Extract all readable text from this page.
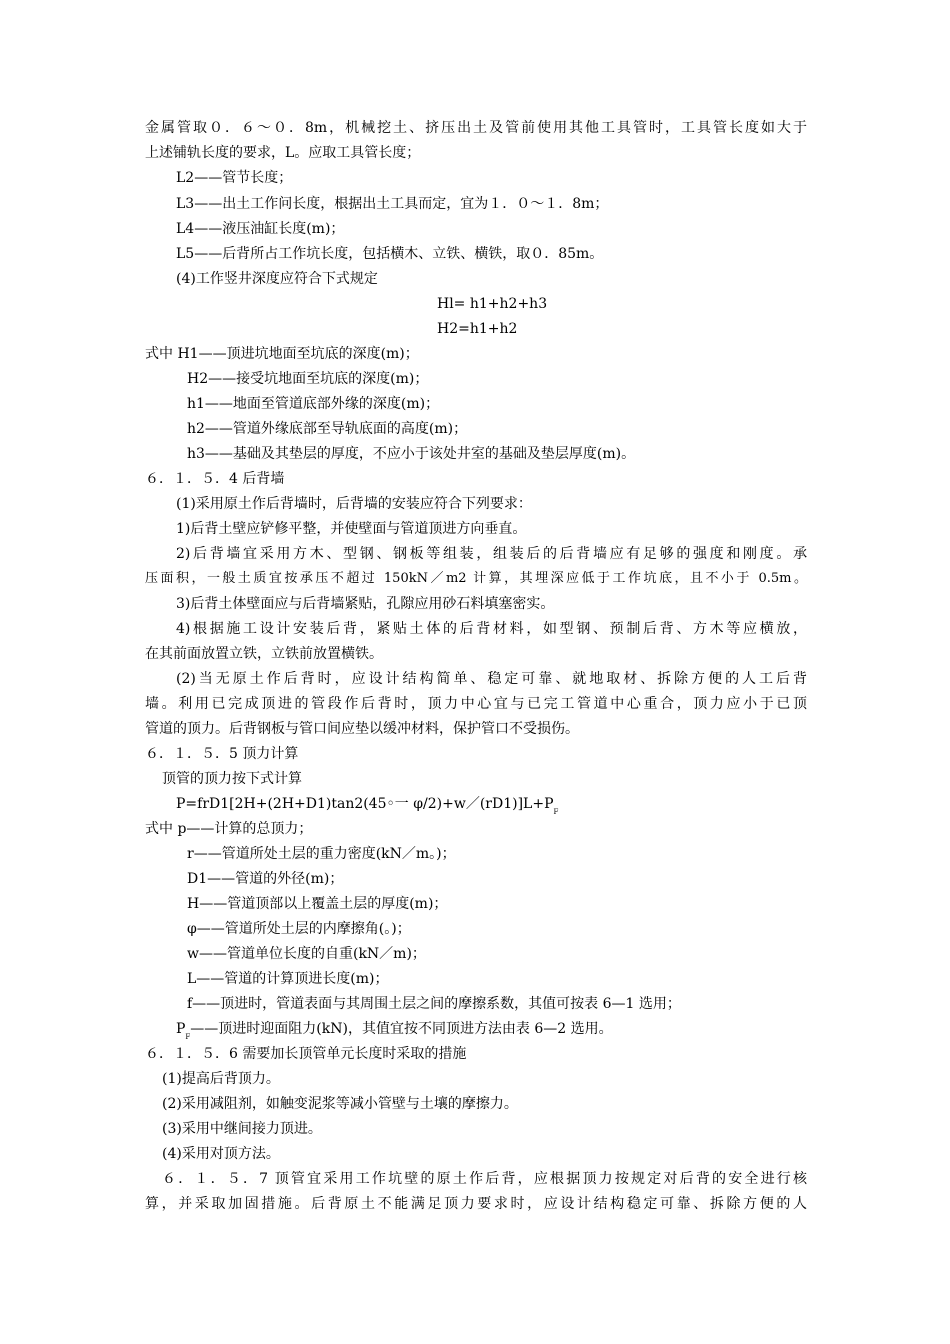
金属管取０．６～０．8m，机械挖土、挤压出土及管前使用其他工具管时，工具管长度如大于
上述铺轨长度的要求，L。应取工具管长度；
L2——管节长度；
L3——出土工作问长度，根据出土工具而定，宜为１．０～１．8m；
L4——液压油缸长度(m)；
L5——后背所占工作坑长度，包括横木、立铁、横铁，取０．85m。
(4)工作竖井深度应符合下式规定
Hl= h1+h2+h3
H2=h1+h2
式中 H1——顶进坑地面至坑底的深度(m)；
H2——接受坑地面至坑底的深度(m)；
h1——地面至管道底部外缘的深度(m)；
h2——管道外缘底部至导轨底面的高度(m)；
h3——基础及其垫层的厚度，不应小于该处井室的基础及垫层厚度(m)。
６．１．５．4 后背墙
(1)采用原土作后背墙时，后背墙的安装应符合下列要求：
1)后背土壁应铲修平整，并使壁面与管道顶进方向垂直。
2)后背墙宜采用方木、型钢、钢板等组装，组装后的后背墙应有足够的强度和刚度。承
压面积，一般土质宜按承压不超过 150kN／m2 计算，其埋深应低于工作坑底，且不小于 0.5m。
3)后背土体壁面应与后背墙紧贴，孔隙应用砂石料填塞密实。
4)根据施工设计安装后背，紧贴土体的后背材料，如型钢、预制后背、方木等应横放，
在其前面放置立铁，立铁前放置横铁。
(2)当无原土作后背时，应设计结构简单、稳定可靠、就地取材、拆除方便的人工后背
墙。利用已完成顶进的管段作后背时，顶力中心宜与已完工管道中心重合，顶力应小于已顶
管道的顶力。后背钢板与管口间应垫以缓冲材料，保护管口不受损伤。
６．１．５．5 顶力计算
顶管的顶力按下式计算
P=frD1[2H+(2H+D1)tan2(45◦一 $\varphi/2)+w/(rD1)]L+P_F$
式中 p——计算的总顶力；
r——管道所处土层的重力密度(kN／m。)；
D1——管道的外径(m)；
H——管道顶部以上覆盖土层的厚度(m)；
φ——管道所处土层的内摩擦角(。)；
w——管道单位长度的自重(kN／m)；
L——管道的计算顶进长度(m)；
f——顶进时，管道表面与其周围土层之间的摩擦系数，其值可按表 6—1 选用；
$P_F——$顶进时迎面阻力(kN)，其值宜按不同顶进方法由表 6—2 选用。
６．１．５．6 需要加长顶管单元长度时采取的措施
(1)提高后背顶力。
(2)采用减阻剂，如触变泥浆等减小管壁与土壤的摩擦力。
(3)采用中继间接力顶进。
(4)采用对顶方法。
６．１．５．7 顶管宜采用工作坑壁的原土作后背，应根据顶力按规定对后背的安全进行核
算，并采取加固措施。后背原土不能满足顶力要求时，应设计结构稳定可靠、拆除方便的人
